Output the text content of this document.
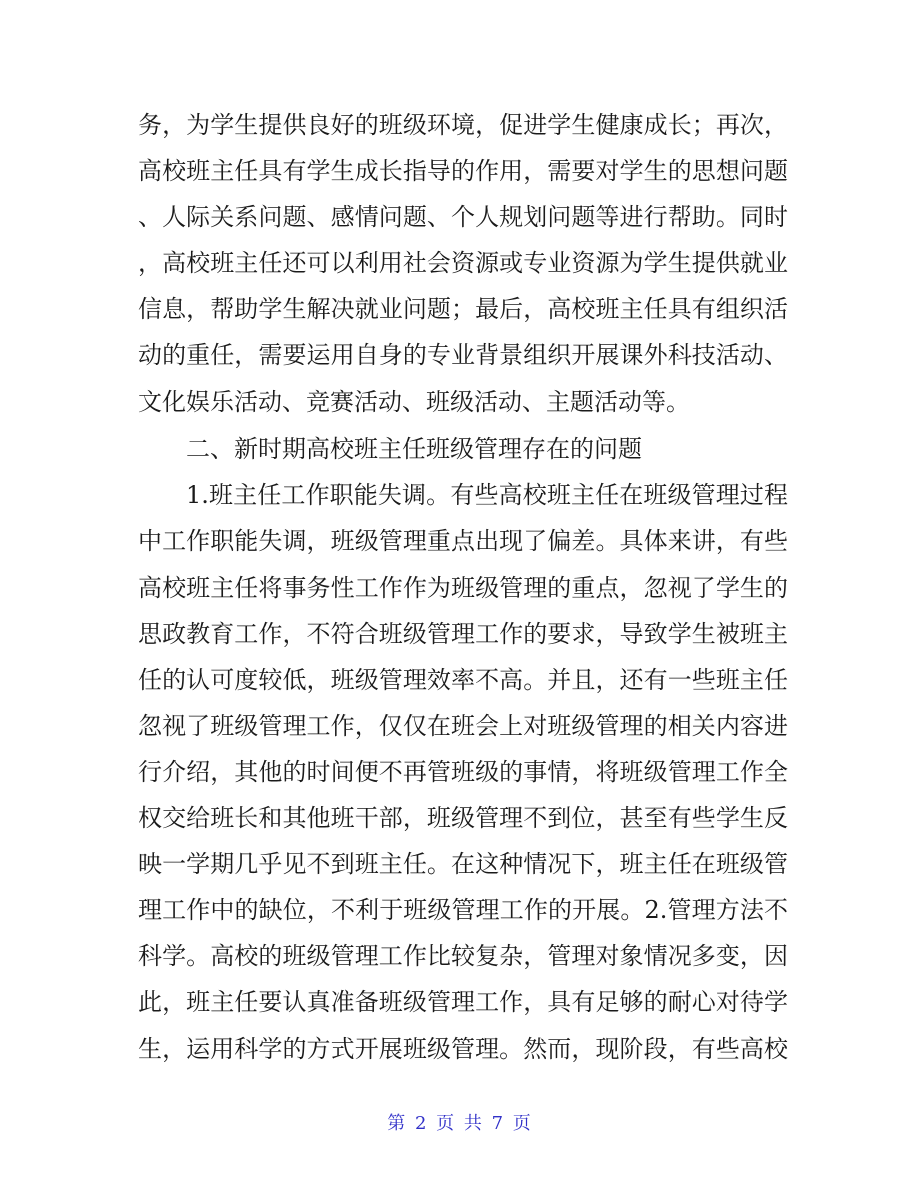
务，为学生提供良好的班级环境，促进学生健康成长；再次，
高校班主任具有学生成长指导的作用，需要对学生的思想问题
、人际关系问题、感情问题、个人规划问题等进行帮助。同时
，高校班主任还可以利用社会资源或专业资源为学生提供就业
信息，帮助学生解决就业问题；最后，高校班主任具有组织活
动的重任，需要运用自身的专业背景组织开展课外科技活动、
文化娱乐活动、竞赛活动、班级活动、主题活动等。
二、新时期高校班主任班级管理存在的问题
1.班主任工作职能失调。有些高校班主任在班级管理过程
中工作职能失调，班级管理重点出现了偏差。具体来讲，有些
高校班主任将事务性工作作为班级管理的重点，忽视了学生的
思政教育工作，不符合班级管理工作的要求，导致学生被班主
任的认可度较低，班级管理效率不高。并且，还有一些班主任
忽视了班级管理工作，仅仅在班会上对班级管理的相关内容进
行介绍，其他的时间便不再管班级的事情，将班级管理工作全
权交给班长和其他班干部，班级管理不到位，甚至有些学生反
映一学期几乎见不到班主任。在这种情况下，班主任在班级管
理工作中的缺位，不利于班级管理工作的开展。2.管理方法不
科学。高校的班级管理工作比较复杂，管理对象情况多变，因
此，班主任要认真准备班级管理工作，具有足够的耐心对待学
生，运用科学的方式开展班级管理。然而，现阶段，有些高校
第 2 页 共 7 页
